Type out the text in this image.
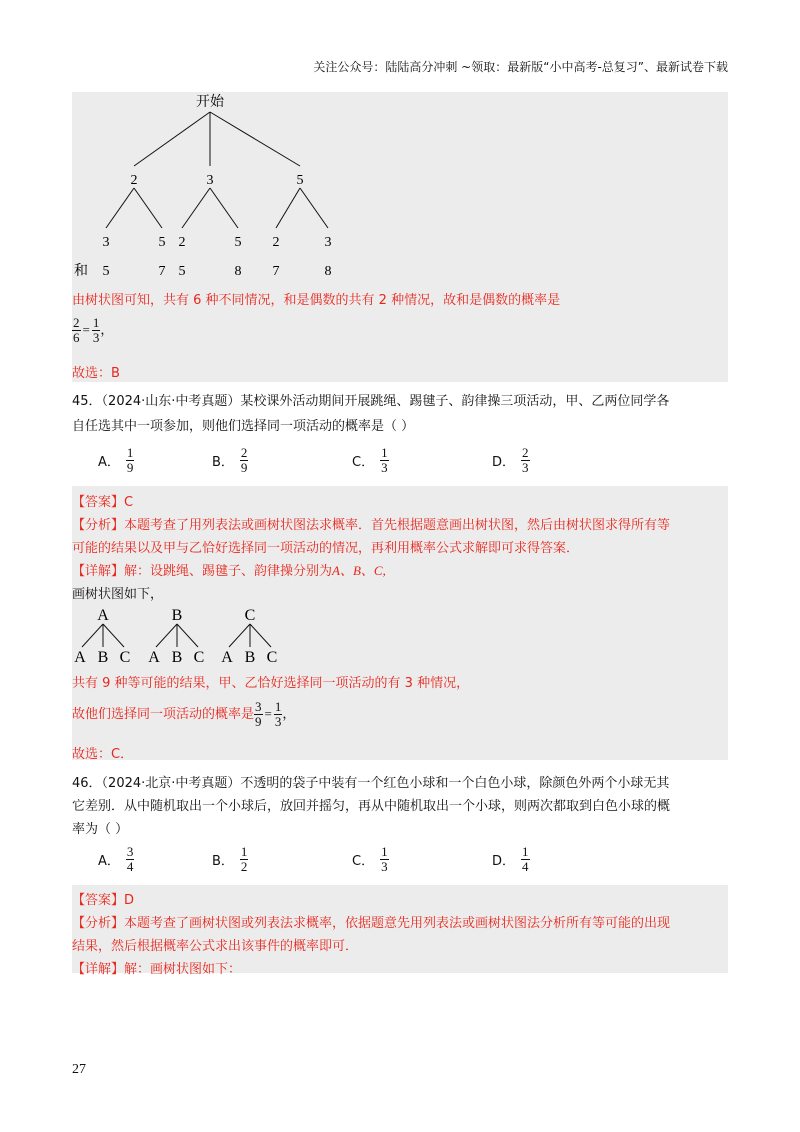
关注公众号：陆陆高分冲刺 ~领取：最新版“小中高考-总复习”、最新试卷下载
开始
2	3	5
3	5 2	5 2	3
和 5	7 5	8 7	8
由树状图可知，共有 6 种不同情况，和是偶数的共有 2 种情况，故和是偶数的概率是
$\frac{2}{6} = \frac{1}{3}$ ，
故选：B
45．（2024·山东·中考真题）某校课外活动期间开展跳绳、踢毽子、韵律操三项活动，甲、乙两位同学各
自任选其中一项参加，则他们选择同一项活动的概率是（ ）
A． $\frac{1}{9}$	B． $\frac{2}{9}$	C． $\frac{1}{3}$	D． $\frac{2}{3}$
【答案】C
【分析】本题考查了用列表法或画树状图法求概率．首先根据题意画出树状图，然后由树状图求得所有等
可能的结果以及甲与乙恰好选择同一项活动的情况，再利用概率公式求解即可求得答案．
【详解】解：设跳绳、踢毽子、韵律操分别为A、B、C,
画树状图如下，
A	B	C
A B C A B C A B C
共有 9 种等可能的结果，甲、乙恰好选择同一项活动的有 3 种情况，
故他们选择同一项活动的概率是 $\frac{3}{9} = \frac{1}{3}$ ，
故选：C．
46．（2024·北京·中考真题）不透明的袋子中装有一个红色小球和一个白色小球，除颜色外两个小球无其
它差别．从中随机取出一个小球后，放回并摇匀，再从中随机取出一个小球，则两次都取到白色小球的概
率为（ ）
A． $\frac{3}{4}$	B． $\frac{1}{2}$	C． $\frac{1}{3}$	D． $\frac{1}{4}$
【答案】D
【分析】本题考查了画树状图或列表法求概率，依据题意先用列表法或画树状图法分析所有等可能的出现
结果，然后根据概率公式求出该事件的概率即可．
【详解】解：画树状图如下：
27
